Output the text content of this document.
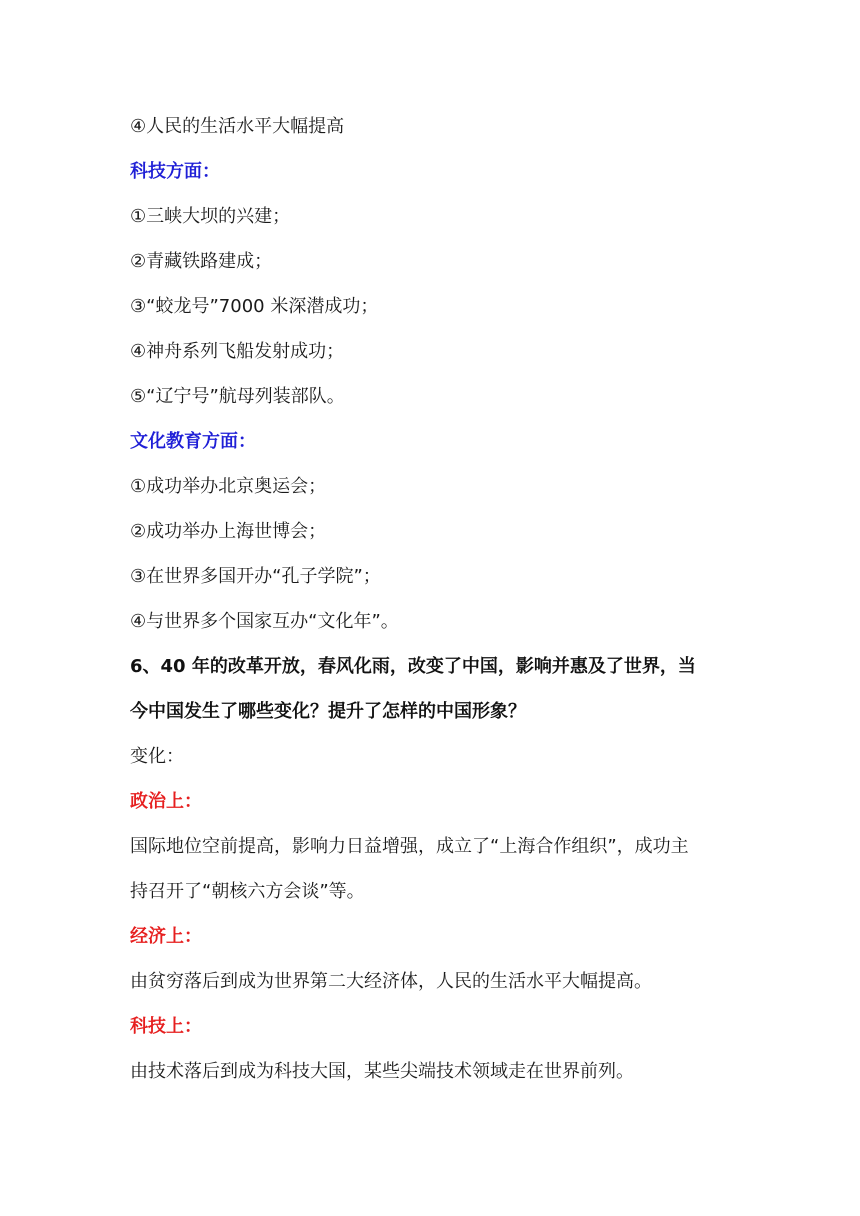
④人民的生活水平大幅提高
科技方面：
①三峡大坝的兴建；
②青藏铁路建成；
③“蛟龙号”7000 米深潜成功；
④神舟系列飞船发射成功；
⑤“辽宁号”航母列装部队。
文化教育方面：
①成功举办北京奥运会；
②成功举办上海世博会；
③在世界多国开办“孔子学院”；
④与世界多个国家互办“文化年”。
6、40 年的改革开放，春风化雨，改变了中国，影响并惠及了世界，当
今中国发生了哪些变化？提升了怎样的中国形象？
变化：
政治上：
国际地位空前提高，影响力日益增强，成立了“上海合作组织”，成功主
持召开了“朝核六方会谈”等。
经济上：
由贫穷落后到成为世界第二大经济体，人民的生活水平大幅提高。
科技上：
由技术落后到成为科技大国，某些尖端技术领域走在世界前列。
